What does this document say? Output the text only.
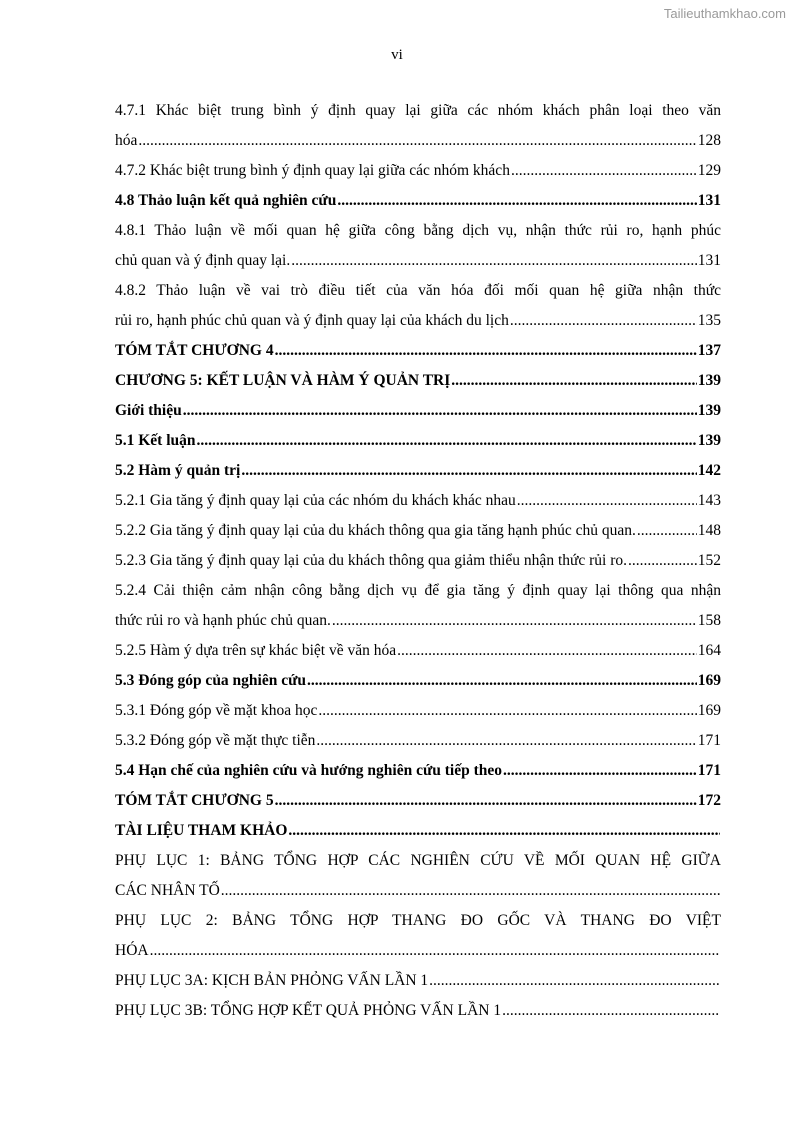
Tailieuthamkhao.com
vi
4.7.1 Khác biệt trung bình ý định quay lại giữa các nhóm khách phân loại theo văn
hóa .....	128
4.7.2 Khác biệt trung bình ý định quay lại giữa các nhóm khách .....	129
4.8 Thảo luận kết quả nghiên cứu .....	131
4.8.1 Thảo luận về mối quan hệ giữa công bằng dịch vụ, nhận thức rủi ro, hạnh phúc
chủ quan và ý định quay lại. .....	131
4.8.2 Thảo luận về vai trò điều tiết của văn hóa đối mối quan hệ giữa nhận thức
rủi ro, hạnh phúc chủ quan và ý định quay lại của khách du lịch .....	135
TÓM TẮT CHƯƠNG 4 .....	137
CHƯƠNG 5: KẾT LUẬN VÀ HÀM Ý QUẢN TRỊ .....	139
Giới thiệu .....	139
5.1 Kết luận .....	139
5.2 Hàm ý quản trị .....	142
5.2.1 Gia tăng ý định quay lại của các nhóm du khách khác nhau .....	143
5.2.2 Gia tăng ý định quay lại của du khách thông qua gia tăng hạnh phúc chủ quan. .....	148
5.2.3 Gia tăng ý định quay lại của du khách thông qua giảm thiểu nhận thức rủi ro. .....	.152
5.2.4 Cải thiện cảm nhận công bằng dịch vụ để gia tăng ý định quay lại thông qua nhận
thức rủi ro và hạnh phúc chủ quan. .....	158
5.2.5 Hàm ý dựa trên sự khác biệt về văn hóa .....	164
5.3 Đóng góp của nghiên cứu .....	169
5.3.1 Đóng góp về mặt khoa học .....	169
5.3.2 Đóng góp về mặt thực tiễn .....	171
5.4 Hạn chế của nghiên cứu và hướng nghiên cứu tiếp theo .....	171
TÓM TẮT CHƯƠNG 5 .....	172
TÀI LIỆU THAM KHẢO
.....
PHỤ LỤC 1: BẢNG TỔNG HỢP CÁC NGHIÊN CỨU VỀ MỐI QUAN HỆ GIỮA
CÁC NHÂN TỐ
.....
PHỤ LỤC 2: BẢNG TỔNG HỢP THANG ĐO GỐC VÀ THANG ĐO VIỆT
HÓA
.....
PHỤ LỤC 3A: KỊCH BẢN PHỎNG VẤN LẦN 1
.....
PHỤ LỤC 3B: TỔNG HỢP KẾT QUẢ PHỎNG VẤN LẦN 1
.....
